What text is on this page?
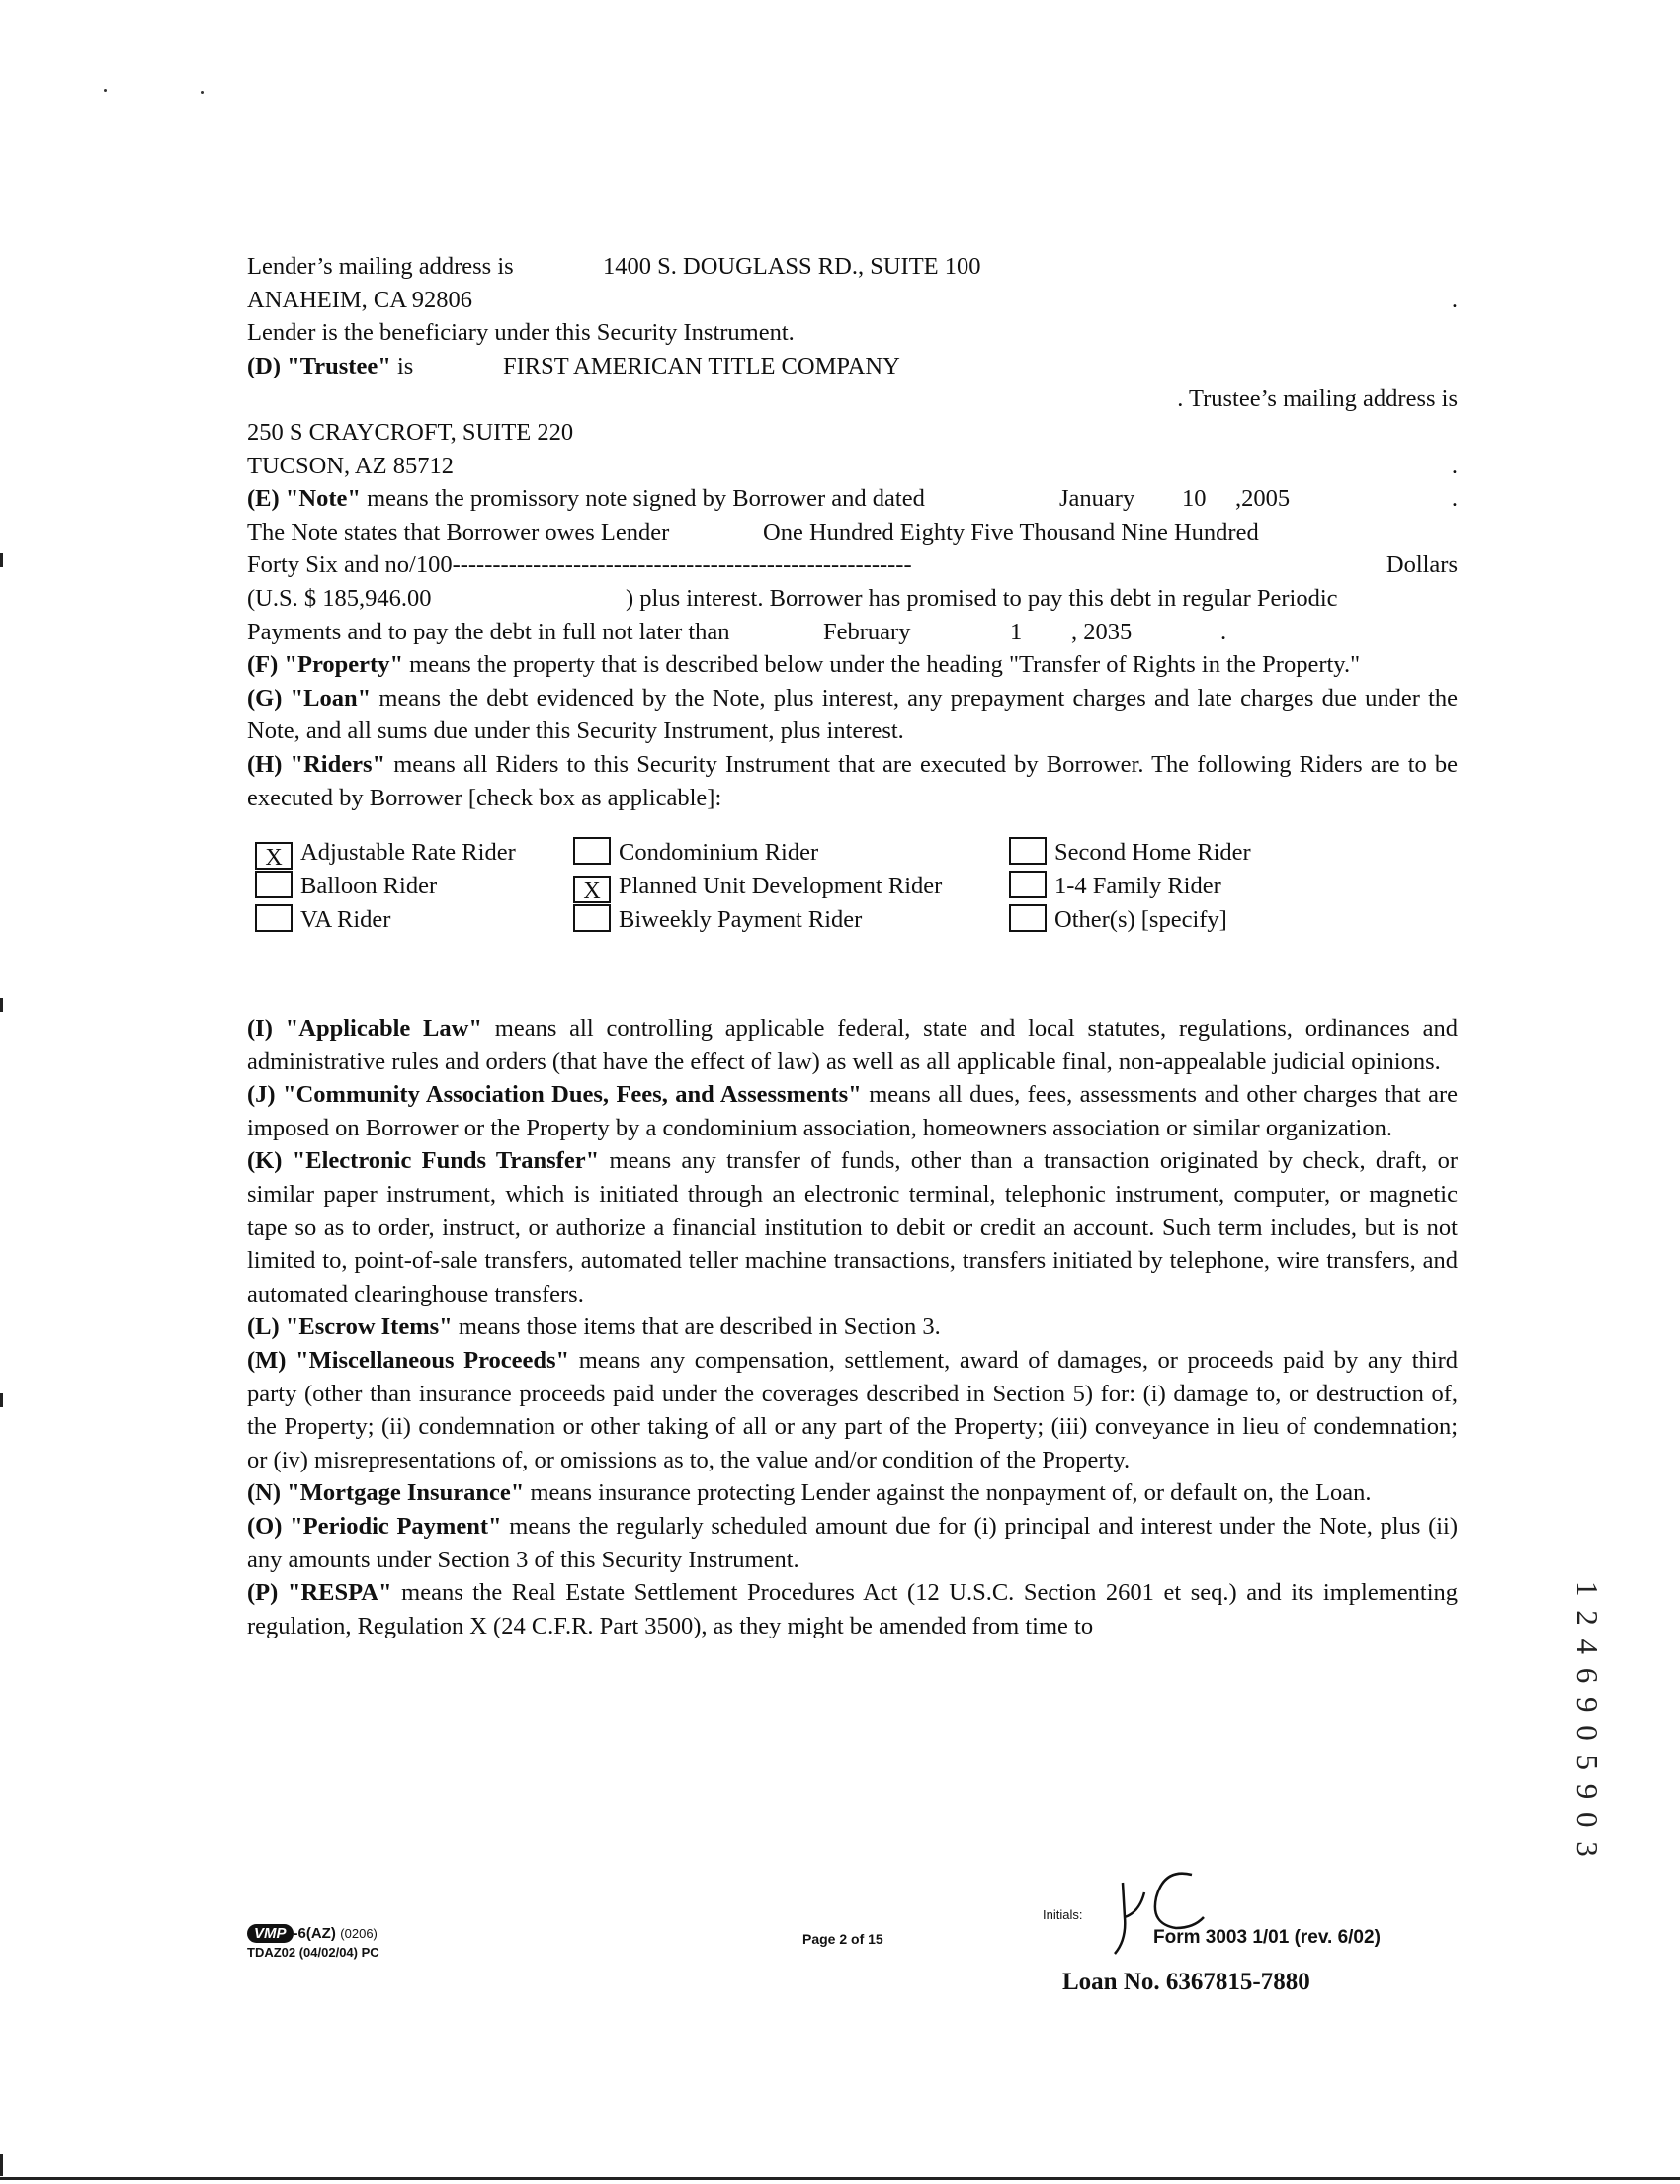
Lender’s mailing address is	1400 S. DOUGLASS RD., SUITE 100
ANAHEIM, CA 92806	.
Lender is the beneficiary under this Security Instrument.
(D) "Trustee" is	FIRST AMERICAN TITLE COMPANY
. Trustee’s mailing address is
250 S CRAYCROFT, SUITE 220
TUCSON, AZ 85712	.
(E) "Note" means the promissory note signed by Borrower and dated	January 10 ,2005	.
The Note states that Borrower owes Lender	One Hundred Eighty Five Thousand Nine Hundred
Forty Six and no/100---------------------------------------------------------	Dollars
(U.S. $ 185,946.00	) plus interest. Borrower has promised to pay this debt in regular Periodic
Payments and to pay the debt in full not later than	February	1 , 2035	.
(F) "Property" means the property that is described below under the heading "Transfer of Rights in the Property."
(G) "Loan" means the debt evidenced by the Note, plus interest, any prepayment charges and late charges due under the Note, and all sums due under this Security Instrument, plus interest.
(H) "Riders" means all Riders to this Security Instrument that are executed by Borrower. The following Riders are to be executed by Borrower [check box as applicable]:
X Adjustable Rate Rider	Condominium Rider	Second Home Rider
Balloon Rider	X Planned Unit Development Rider	1-4 Family Rider
VA Rider	Biweekly Payment Rider	Other(s) [specify]
(I) "Applicable Law" means all controlling applicable federal, state and local statutes, regulations, ordinances and administrative rules and orders (that have the effect of law) as well as all applicable final, non-appealable judicial opinions.
(J) "Community Association Dues, Fees, and Assessments" means all dues, fees, assessments and other charges that are imposed on Borrower or the Property by a condominium association, homeowners association or similar organization.
(K) "Electronic Funds Transfer" means any transfer of funds, other than a transaction originated by check, draft, or similar paper instrument, which is initiated through an electronic terminal, telephonic instrument, computer, or magnetic tape so as to order, instruct, or authorize a financial institution to debit or credit an account. Such term includes, but is not limited to, point-of-sale transfers, automated teller machine transactions, transfers initiated by telephone, wire transfers, and automated clearinghouse transfers.
(L) "Escrow Items" means those items that are described in Section 3.
(M) "Miscellaneous Proceeds" means any compensation, settlement, award of damages, or proceeds paid by any third party (other than insurance proceeds paid under the coverages described in Section 5) for: (i) damage to, or destruction of, the Property; (ii) condemnation or other taking of all or any part of the Property; (iii) conveyance in lieu of condemnation; or (iv) misrepresentations of, or omissions as to, the value and/or condition of the Property.
(N) "Mortgage Insurance" means insurance protecting Lender against the nonpayment of, or default on, the Loan.
(O) "Periodic Payment" means the regularly scheduled amount due for (i) principal and interest under the Note, plus (ii) any amounts under Section 3 of this Security Instrument.
(P) "RESPA" means the Real Estate Settlement Procedures Act (12 U.S.C. Section 2601 et seq.) and its implementing regulation, Regulation X (24 C.F.R. Part 3500), as they might be amended from time to
VMP -6(AZ) (0206)
TDAZ02 (04/02/04) PC
Page 2 of 15
Initials:
Form 3003 1/01 (rev. 6/02)
Loan No. 6367815-7880
1 2 4 6 9 0 5 9 0 3
